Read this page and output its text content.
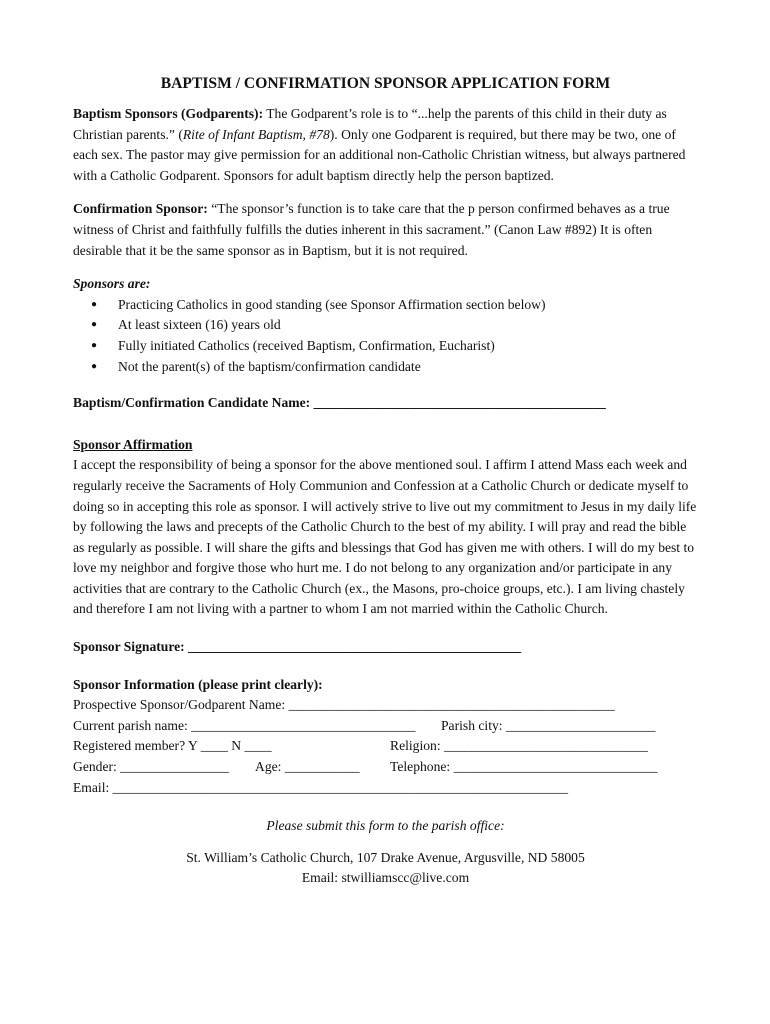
BAPTISM / CONFIRMATION SPONSOR APPLICATION FORM

Baptism Sponsors (Godparents): The Godparent’s role is to “...help the parents of this child in their duty as Christian parents.” (Rite of Infant Baptism, #78). Only one Godparent is required, but there may be two, one of each sex. The pastor may give permission for an additional non-Catholic Christian witness, but always partnered with a Catholic Godparent. Sponsors for adult baptism directly help the person baptized.

Confirmation Sponsor: “The sponsor’s function is to take care that the p person confirmed behaves as a true witness of Christ and faithfully fulfills the duties inherent in this sacrament.” (Canon Law #892) It is often desirable that it be the same sponsor as in Baptism, but it is not required.

Sponsors are:

● Practicing Catholics in good standing (see Sponsor Affirmation section below)
● At least sixteen (16) years old
● Fully initiated Catholics (received Baptism, Confirmation, Eucharist)
● Not the parent(s) of the baptism/confirmation candidate

Baptism/Confirmation Candidate Name: ___________________________________________

Sponsor Affirmation

I accept the responsibility of being a sponsor for the above mentioned soul. I affirm I attend Mass each week and regularly receive the Sacraments of Holy Communion and Confession at a Catholic Church or dedicate myself to doing so in accepting this role as sponsor. I will actively strive to live out my commitment to Jesus in my daily life by following the laws and precepts of the Catholic Church to the best of my ability. I will pray and read the bible as regularly as possible. I will share the gifts and blessings that God has given me with others. I will do my best to love my neighbor and forgive those who hurt me. I do not belong to any organization and/or participate in any activities that are contrary to the Catholic Church (ex., the Masons, pro-choice groups, etc.). I am living chastely and therefore I am not living with a partner to whom I am not married within the Catholic Church.

Sponsor Signature: _________________________________________________

Sponsor Information (please print clearly):

Prospective Sponsor/Godparent Name: ________________________________________________
Current parish name: _________________________________ Parish city: ______________________
Registered member? Y ____ N ____	Religion: ______________________________
Gender: ________________ Age: ___________ Telephone: ______________________________
Email: ___________________________________________________________________

Please submit this form to the parish office:

St. William’s Catholic Church, 107 Drake Avenue, Argusville, ND 58005

Email: stwilliamscc@live.com
